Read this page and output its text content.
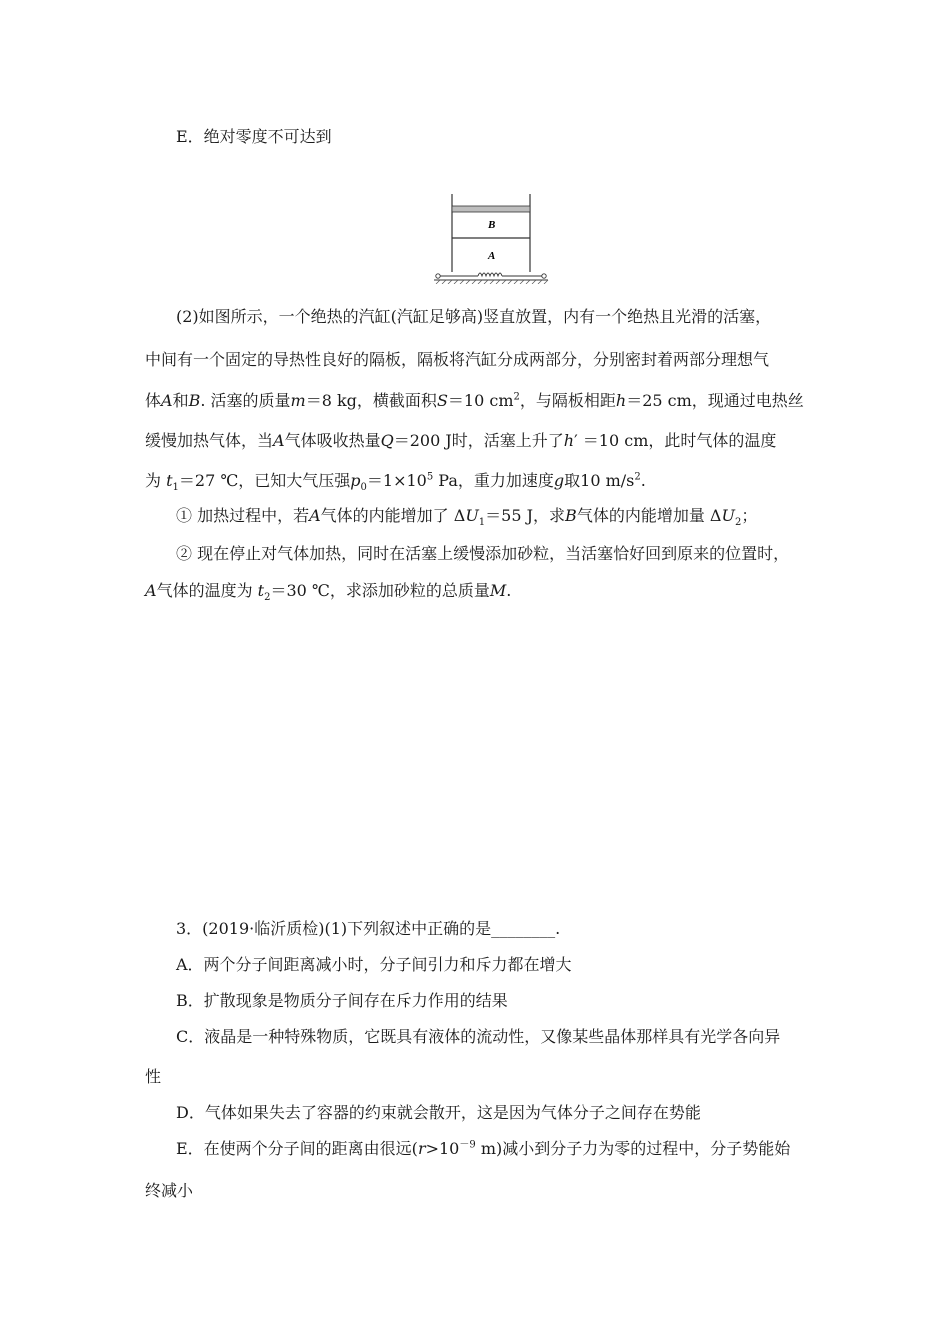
E．绝对零度不可达到
B
A
(2)如图所示，一个绝热的汽缸(汽缸足够高)竖直放置，内有一个绝热且光滑的活塞，
中间有一个固定的导热性良好的隔板，隔板将汽缸分成两部分，分别密封着两部分理想气
体A和B. 活塞的质量m＝8 kg，横截面积S＝10 $cm^2$，与隔板相距h＝25 cm，现通过电热丝
缓慢加热气体，当A气体吸收热量Q＝200 J时，活塞上升了h′ ＝10 cm，此时气体的温度
为 $t_1=27$ ℃，已知大气压强$p_0=1\times 10^5$ Pa，重力加速度g取10 $m/s^2$.
① 加热过程中，若A气体的内能增加了 $\Delta U_1=55$ J，求B气体的内能增加量 $\Delta U_2$；
② 现在停止对气体加热，同时在活塞上缓慢添加砂粒，当活塞恰好回到原来的位置时，
A气体的温度为 $t_2=30$ ℃，求添加砂粒的总质量M.
3．(2019·临沂质检)(1)下列叙述中正确的是________.
A．两个分子间距离减小时，分子间引力和斥力都在增大
B．扩散现象是物质分子间存在斥力作用的结果
C．液晶是一种特殊物质，它既具有液体的流动性，又像某些晶体那样具有光学各向异
性
D．气体如果失去了容器的约束就会散开，这是因为气体分子之间存在势能
E．在使两个分子间的距离由很远($r>10^{-9}$ m)减小到分子力为零的过程中，分子势能始
终减小
